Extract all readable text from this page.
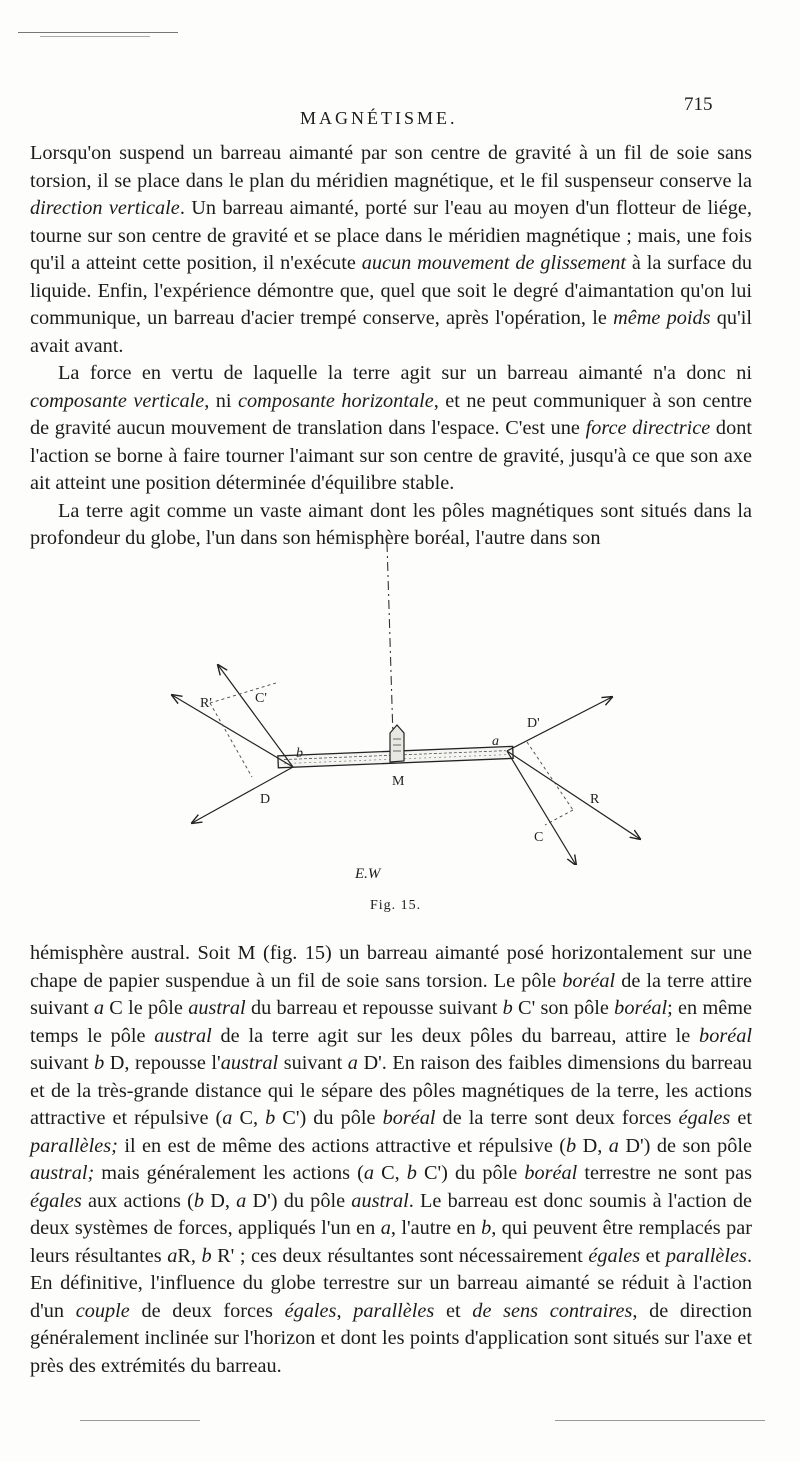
MAGNÉTISME.
715

Lorsqu'on suspend un barreau aimanté par son centre de gravité à un fil de soie sans torsion, il se place dans le plan du méridien magnétique, et le fil suspenseur conserve la direction verticale. Un barreau aimanté, porté sur l'eau au moyen d'un flotteur de liége, tourne sur son centre de gravité et se place dans le méridien magnétique ; mais, une fois qu'il a atteint cette position, il n'exécute aucun mouvement de glissement à la surface du liquide. Enfin, l'expérience démontre que, quel que soit le degré d'aimantation qu'on lui communique, un barreau d'acier trempé conserve, après l'opération, le même poids qu'il avait avant.

La force en vertu de laquelle la terre agit sur un barreau aimanté n'a donc ni composante verticale, ni composante horizontale, et ne peut communiquer à son centre de gravité aucun mouvement de translation dans l'espace. C'est une force directrice dont l'action se borne à faire tourner l'aimant sur son centre de gravité, jusqu'à ce que son axe ait atteint une position déterminée d'équilibre stable.

La terre agit comme un vaste aimant dont les pôles magnétiques sont situés dans la profondeur du globe, l'un dans son hémisphère boréal, l'autre dans son

b
a
M
D
D'
C
C'
R
R'
E.W
Fig. 15.

hémisphère austral. Soit M (fig. 15) un barreau aimanté posé horizontalement sur une chape de papier suspendue à un fil de soie sans torsion. Le pôle boréal de la terre attire suivant a C le pôle austral du barreau et repousse suivant b C' son pôle boréal; en même temps le pôle austral de la terre agit sur les deux pôles du barreau, attire le boréal suivant b D, repousse l'austral suivant a D'. En raison des faibles dimensions du barreau et de la très-grande distance qui le sépare des pôles magnétiques de la terre, les actions attractive et répulsive (a C, b C') du pôle boréal de la terre sont deux forces égales et parallèles; il en est de même des actions attractive et répulsive (b D, a D') de son pôle austral; mais généralement les actions (a C, b C') du pôle boréal terrestre ne sont pas égales aux actions (b D, a D') du pôle austral. Le barreau est donc soumis à l'action de deux systèmes de forces, appliqués l'un en a, l'autre en b, qui peuvent être remplacés par leurs résultantes aR, b R' ; ces deux résultantes sont nécessairement égales et parallèles. En définitive, l'influence du globe terrestre sur un barreau aimanté se réduit à l'action d'un couple de deux forces égales, parallèles et de sens contraires, de direction généralement inclinée sur l'horizon et dont les points d'application sont situés sur l'axe et près des extrémités du barreau.
